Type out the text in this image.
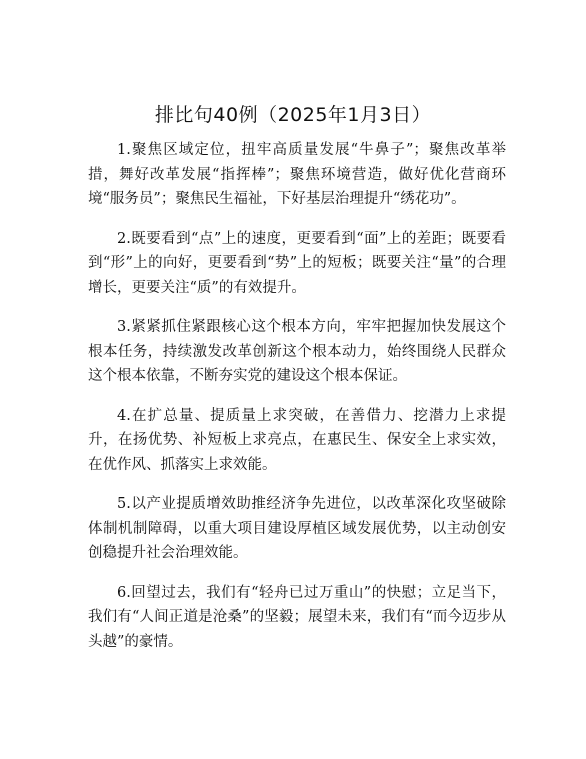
排比句40例（2025年1月3日）

1.聚焦区域定位，扭牢高质量发展“牛鼻子”；聚焦改革举措，舞好改革发展“指挥棒”；聚焦环境营造，做好优化营商环境“服务员”；聚焦民生福祉，下好基层治理提升“绣花功”。

2.既要看到“点”上的速度，更要看到“面”上的差距；既要看到“形”上的向好，更要看到“势”上的短板；既要关注“量”的合理增长，更要关注“质”的有效提升。

3.紧紧抓住紧跟核心这个根本方向，牢牢把握加快发展这个根本任务，持续激发改革创新这个根本动力，始终围绕人民群众这个根本依靠，不断夯实党的建设这个根本保证。

4.在扩总量、提质量上求突破，在善借力、挖潜力上求提升，在扬优势、补短板上求亮点，在惠民生、保安全上求实效，在优作风、抓落实上求效能。

5.以产业提质增效助推经济争先进位，以改革深化攻坚破除体制机制障碍，以重大项目建设厚植区域发展优势，以主动创安创稳提升社会治理效能。

6.回望过去，我们有“轻舟已过万重山”的快慰；立足当下，我们有“人间正道是沧桑”的坚毅；展望未来，我们有“而今迈步从头越”的豪情。
